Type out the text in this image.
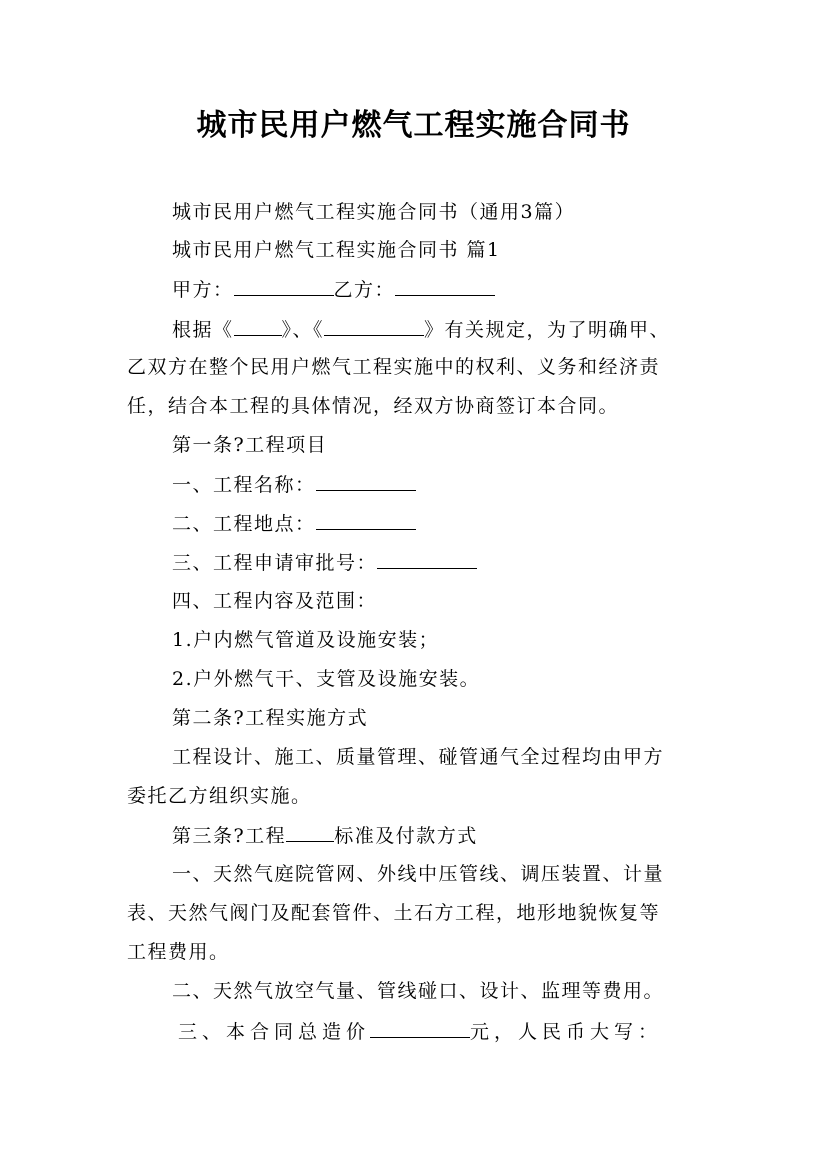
城市民用户燃气工程实施合同书
城市民用户燃气工程实施合同书（通用3篇）
城市民用户燃气工程实施合同书 篇1
甲方：	乙方：
根据《	》、《	》有关规定，为了明确甲、
乙双方在整个民用户燃气工程实施中的权利、义务和经济责
任，结合本工程的具体情况，经双方协商签订本合同。
第一条?工程项目
一、工程名称：
二、工程地点：
三、工程申请审批号：
四、工程内容及范围：
1.户内燃气管道及设施安装；
2.户外燃气干、支管及设施安装。
第二条?工程实施方式
工程设计、施工、质量管理、碰管通气全过程均由甲方
委托乙方组织实施。
第三条?工程	标准及付款方式
一、天然气庭院管网、外线中压管线、调压装置、计量
表、天然气阀门及配套管件、土石方工程，地形地貌恢复等
工程费用。
二、天然气放空气量、管线碰口、设计、监理等费用。
三、本合同总造价	元，人民币大写：
